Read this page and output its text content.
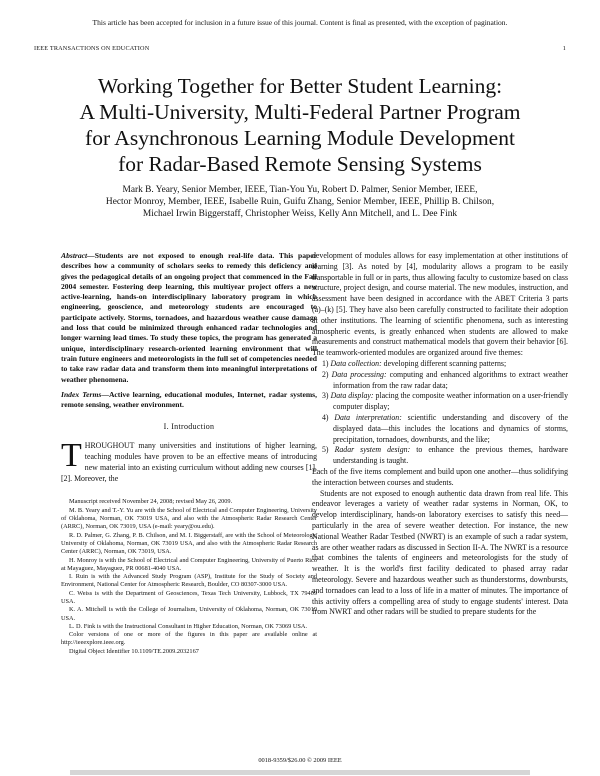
This article has been accepted for inclusion in a future issue of this journal. Content is final as presented, with the exception of pagination.
IEEE TRANSACTIONS ON EDUCATION	1
Working Together for Better Student Learning:
A Multi-University, Multi-Federal Partner Program
for Asynchronous Learning Module Development
for Radar-Based Remote Sensing Systems
Mark B. Yeary, Senior Member, IEEE, Tian-You Yu, Robert D. Palmer, Senior Member, IEEE,
Hector Monroy, Member, IEEE, Isabelle Ruin, Guifu Zhang, Senior Member, IEEE, Phillip B. Chilson,
Michael Irwin Biggerstaff, Christopher Weiss, Kelly Ann Mitchell, and L. Dee Fink
Abstract—Students are not exposed to enough real-life data. This paper describes how a community of scholars seeks to remedy this deficiency and gives the pedagogical details of an ongoing project that commenced in the Fall 2004 semester. Fostering deep learning, this multiyear project offers a new active-learning, hands-on interdisciplinary laboratory program in which engineering, geoscience, and meteorology students are encouraged to participate actively. Storms, tornadoes, and hazardous weather cause damage and loss that could be minimized through enhanced radar technologies and longer warning lead times. To study these topics, the program has generated a unique, interdisciplinary research-oriented learning environment that will train future engineers and meteorologists in the full set of competencies needed to take raw radar data and transform them into meaningful interpretations of weather phenomena.
Index Terms—Active learning, educational modules, Internet, radar systems, remote sensing, weather environment.
I. Introduction
THROUGHOUT many universities and institutions of higher learning, teaching modules have proven to be an effective means of introducing new material into an existing curriculum without adding new courses [1], [2]. Moreover, the

Manuscript received November 24, 2008; revised May 26, 2009.

M. B. Yeary and T.-Y. Yu are with the School of Electrical and Computer Engineering, University of Oklahoma, Norman, OK 73019 USA, and also with the Atmospheric Radar Research Center (ARRC), Norman, OK 73019, USA (e-mail: yeary@ou.edu).

R. D. Palmer, G. Zhang, P. B. Chilson, and M. I. Biggerstaff, are with the School of Meteorology, University of Oklahoma, Norman, OK 73019 USA, and also with the Atmospheric Radar Research Center (ARRC), Norman, OK 73019, USA.

H. Monroy is with the School of Electrical and Computer Engineering, University of Puerto Rico at Mayaguez, Mayaguez, PR 00681-4040 USA.

I. Ruin is with the Advanced Study Program (ASP), Institute for the Study of Society and Environment, National Center for Atmospheric Research, Boulder, CO 80307-3000 USA.

C. Weiss is with the Department of Geosciences, Texas Tech University, Lubbock, TX 79409 USA.

K. A. Mitchell is with the College of Journalism, University of Oklahoma, Norman, OK 73019 USA.

L. D. Fink is with the Instructional Consultant in Higher Education, Norman, OK 73069 USA.

Color versions of one or more of the figures in this paper are available online at http://ieeexplore.ieee.org.

Digital Object Identifier 10.1109/TE.2009.2032167

development of modules allows for easy implementation at other institutions of learning [3]. As noted by [4], modularity allows a program to be easily transportable in full or in parts, thus allowing faculty to customize based on class structure, project design, and course material. The new modules, instruction, and assessment have been designed in accordance with the ABET Criteria 3 parts (a)–(k) [5]. They have also been carefully constructed to facilitate their adoption at other institutions. The learning of scientific phenomena, such as interesting atmospheric events, is greatly enhanced when students are allowed to make measurements and construct mathematical models that govern their behavior [6]. The teamwork-oriented modules are organized around five themes:

1) Data collection: developing different scanning patterns;
2) Data processing: computing and enhanced algorithms to extract weather information from the raw radar data;
3) Data display: placing the composite weather information on a user-friendly computer display;
4) Data interpretation: scientific understanding and discovery of the displayed data—this includes the locations and dynamics of storms, precipitation, tornadoes, downbursts, and the like;
5) Radar system design: to enhance the previous themes, hardware understanding is taught.

Each of the five items complement and build upon one another—thus solidifying the interaction between courses and students.

Students are not exposed to enough authentic data drawn from real life. This endeavor leverages a variety of weather radar systems in Norman, OK, to develop interdisciplinary, hands-on laboratory exercises to satisfy this need—particularly in the area of severe weather detection. For instance, the new National Weather Radar Testbed (NWRT) is an example of such a radar system, as are other weather radars as discussed in Section II-A. The NWRT is a resource that combines the talents of engineers and meteorologists for the study of weather. It is the world's first facility dedicated to phased array radar meteorology. Severe and hazardous weather such as thunderstorms, downbursts, and tornadoes can lead to a loss of life in a matter of minutes. The importance of this activity offers a compelling area of study to engage students' interest. Data from NWRT and other radars will be studied to prepare students for the

0018-9359/$26.00 © 2009 IEEE
